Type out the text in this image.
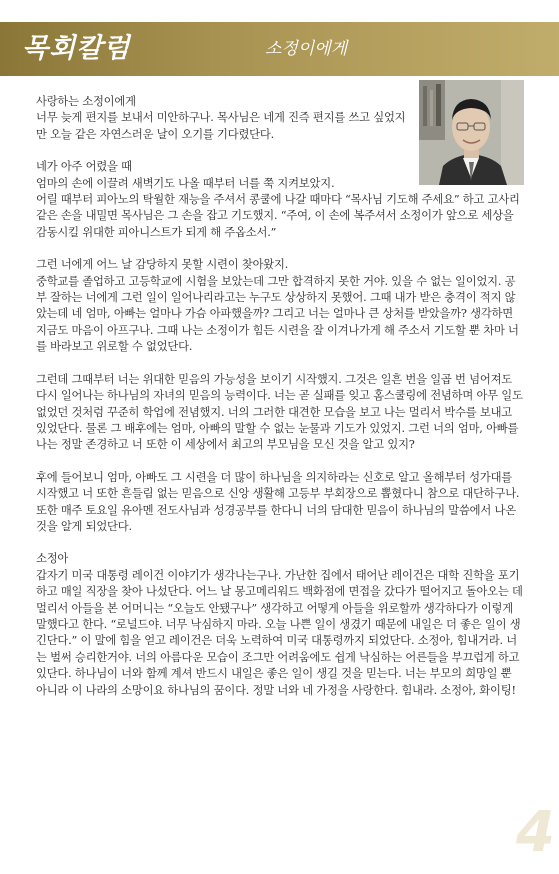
목회칼럼	소정이에게

사랑하는 소정이에게

너무 늦게 편지를 보내서 미안하구나. 목사님은 네게 진즉 편지를 쓰고 싶었지만 오늘 같은 자연스러운 날이 오기를 기다렸단다.

네가 아주 어렸을 때

엄마의 손에 이끌려 새벽기도 나올 때부터 너를 쭉 지켜보았지.

어릴 때부터 피아노의 탁월한 재능을 주셔서 콩쿨에 나갈 때마다 “목사님 기도해 주세요” 하고 고사리 같은 손을 내밀면 목사님은 그 손을 잡고 기도했지. “주여, 이 손에 복주셔서 소정이가 앞으로 세상을 감동시킬 위대한 피아니스트가 되게 해 주옵소서.”

그런 너에게 어느 날 감당하지 못할 시련이 찾아왔지.

중학교를 졸업하고 고등학교에 시험을 보았는데 그만 합격하지 못한 거야. 있을 수 없는 일이었지. 공부 잘하는 너에게 그런 일이 일어나리라고는 누구도 상상하지 못했어. 그때 내가 받은 충격이 적지 않았는데 네 엄마, 아빠는 얼마나 가슴 아파했을까? 그리고 너는 얼마나 큰 상처를 받았을까? 생각하면 지금도 마음이 아프구나. 그때 나는 소정이가 힘든 시련을 잘 이겨나가게 해 주소서 기도할 뿐 차마 너를 바라보고 위로할 수 없었단다.

그런데 그때부터 너는 위대한 믿음의 가능성을 보이기 시작했지. 그것은 일흔 번을 일곱 번 넘어져도 다시 일어나는 하나님의 자녀의 믿음의 능력이다. 너는 곧 실패를 잊고 홈스쿨링에 전념하며 아무 일도 없었던 것처럼 꾸준히 학업에 전념했지. 너의 그러한 대견한 모습을 보고 나는 멀리서 박수를 보내고 있었단다. 물론 그 배후에는 엄마, 아빠의 말할 수 없는 눈물과 기도가 있었지. 그런 너의 엄마, 아빠를 나는 정말 존경하고 너 또한 이 세상에서 최고의 부모님을 모신 것을 알고 있지?

후에 들어보니 엄마, 아빠도 그 시련을 더 많이 하나님을 의지하라는 신호로 알고 올해부터 성가대를 시작했고 너 또한 흔들림 없는 믿음으로 신앙 생활해 고등부 부회장으로 뽑혔다니 참으로 대단하구나. 또한 매주 토요일 유아멘 전도사님과 성경공부를 한다니 너의 담대한 믿음이 하나님의 말씀에서 나온 것을 알게 되었단다.

소정아

갑자기 미국 대통령 레이건 이야기가 생각나는구나. 가난한 집에서 태어난 레이건은 대학 진학을 포기하고 매일 직장을 찾아 나섰단다. 어느 날 몽고메리워드 백화점에 면접을 갔다가 떨어지고 돌아오는 데 멀리서 아들을 본 어머니는 “오늘도 안됐구나” 생각하고 어떻게 아들을 위로할까 생각하다가 이렇게 말했다고 한다. “로널드야. 너무 낙심하지 마라. 오늘 나쁜 일이 생겼기 때문에 내일은 더 좋은 일이 생긴단다.” 이 말에 힘을 얻고 레이건은 더욱 노력하여 미국 대통령까지 되었단다. 소정아, 힘내거라. 너는 벌써 승리한거야. 너의 아름다운 모습이 조그만 어려움에도 쉽게 낙심하는 어른들을 부끄럽게 하고 있단다. 하나님이 너와 함께 계셔 반드시 내일은 좋은 일이 생길 것을 믿는다. 너는 부모의 희망일 뿐 아니라 이 나라의 소망이요 하나님의 꿈이다. 정말 너와 네 가정을 사랑한다. 힘내라. 소정아, 화이팅!

4
